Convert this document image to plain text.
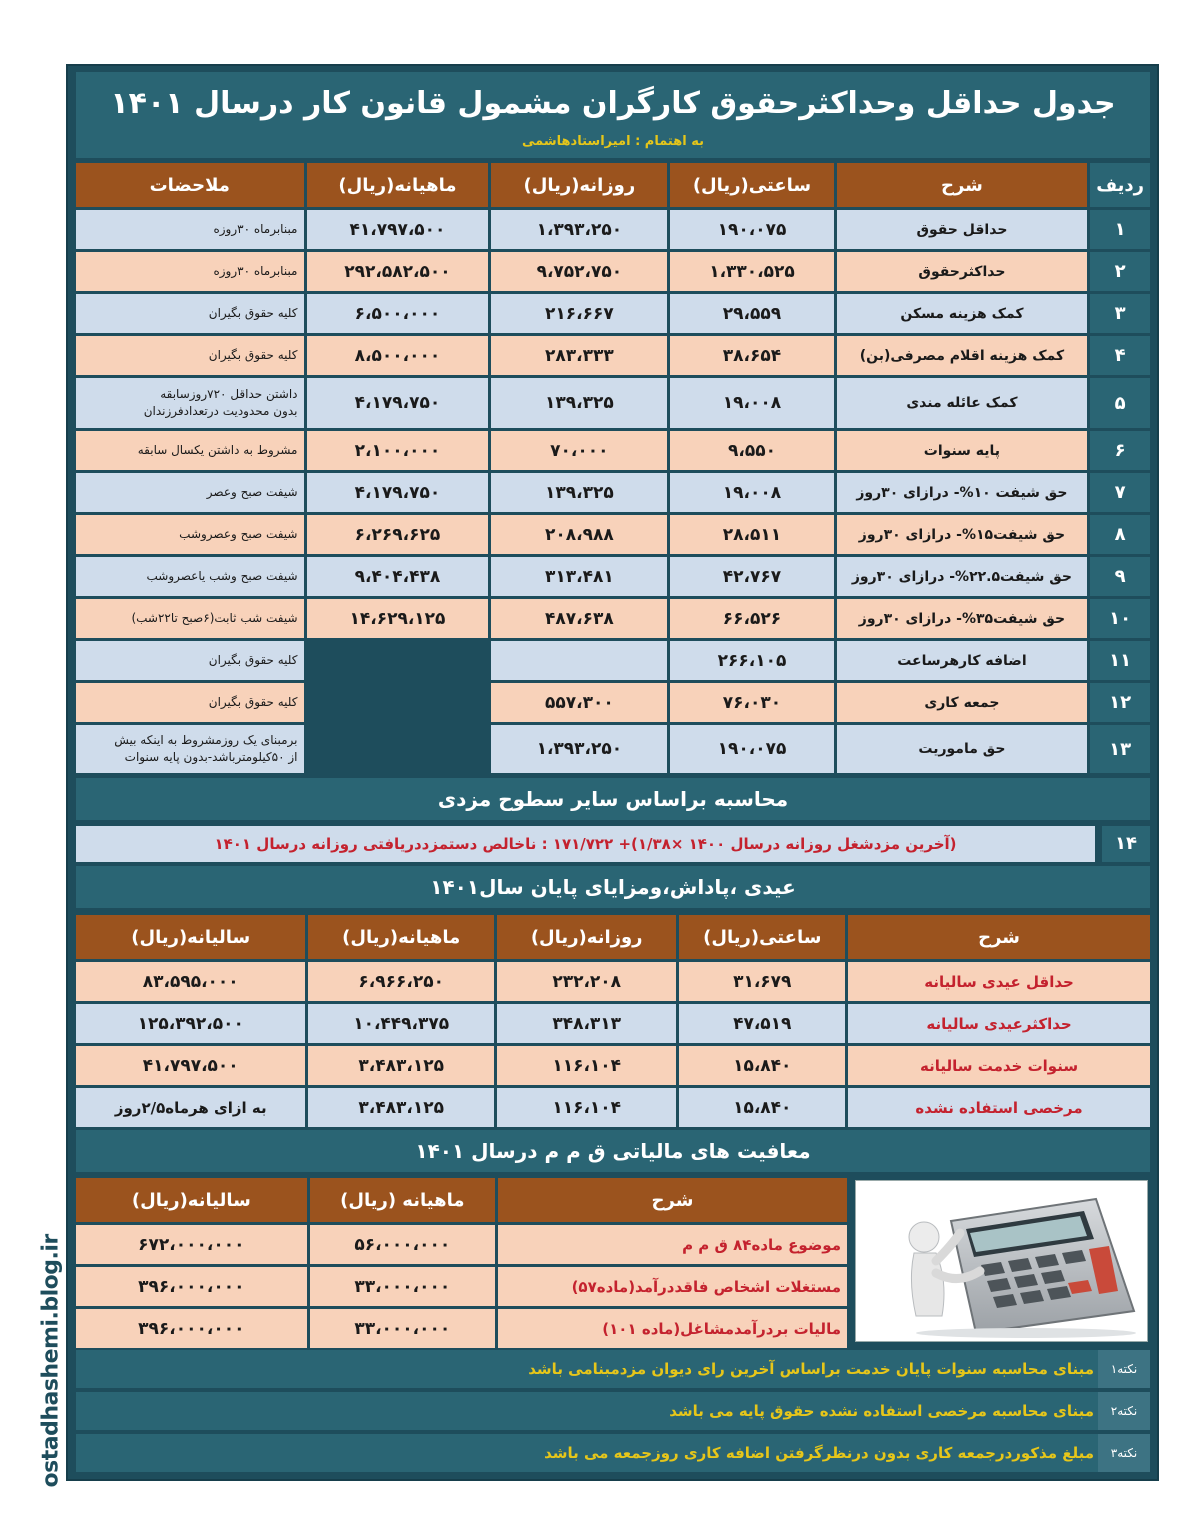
ostadhashemi.blog.ir
جدول حداقل وحداکثرحقوق کارگران مشمول قانون کار درسال ۱۴۰۱
به اهتمام : امیراستادهاشمی
ردیف	شرح	ساعتی(ریال)	روزانه(ریال)	ماهیانه(ریال)	ملاحضات
۱	حداقل حقوق	۱۹۰،۰۷۵	۱،۳۹۳،۲۵۰	۴۱،۷۹۷،۵۰۰	مبنابرماه ۳۰روزه
۲	حداکثرحقوق	۱،۳۳۰،۵۲۵	۹،۷۵۲،۷۵۰	۲۹۲،۵۸۲،۵۰۰	مبنابرماه ۳۰روزه
۳	کمک هزینه مسکن	۲۹،۵۵۹	۲۱۶،۶۶۷	۶،۵۰۰،۰۰۰	کلیه حقوق بگیران
۴	کمک هزینه اقلام مصرفی(بن)	۳۸،۶۵۴	۲۸۳،۳۳۳	۸،۵۰۰،۰۰۰	کلیه حقوق بگیران
۵	کمک عائله مندی	۱۹،۰۰۸	۱۳۹،۳۲۵	۴،۱۷۹،۷۵۰	داشتن حداقل ۷۲۰روزسابقه
بدون محدودیت درتعدادفرزندان

۶	پایه سنوات	۹،۵۵۰	۷۰،۰۰۰	۲،۱۰۰،۰۰۰	مشروط به داشتن یکسال سابقه
۷	حق شیفت ۱۰%- درازای ۳۰روز	۱۹،۰۰۸	۱۳۹،۳۲۵	۴،۱۷۹،۷۵۰	شیفت صبح وعصر
۸	حق شیفت۱۵%- درازای ۳۰روز	۲۸،۵۱۱	۲۰۸،۹۸۸	۶،۲۶۹،۶۲۵	شیفت صبح وعصروشب
۹	حق شیفت۲۲.۵%- درازای ۳۰روز	۴۲،۷۶۷	۳۱۳،۴۸۱	۹،۴۰۴،۴۳۸	شیفت صبح وشب یاعصروشب
۱۰	حق شیفت۳۵%- درازای ۳۰روز	۶۶،۵۲۶	۴۸۷،۶۳۸	۱۴،۶۲۹،۱۲۵	شیفت شب ثابت(۶صبح تا۲۲شب)
۱۱	اضافه کارهرساعت	۲۶۶،۱۰۵			کلیه حقوق بگیران
۱۲	جمعه کاری	۷۶،۰۳۰	۵۵۷،۳۰۰		کلیه حقوق بگیران
۱۳	حق ماموریت	۱۹۰،۰۷۵	۱،۳۹۳،۲۵۰		برمبنای یک روزمشروط به اینکه بیش
از ۵۰کیلومترباشد-بدون پایه سنوات
محاسبه براساس سایر سطوح مزدی
(آخرین مزدشغل روزانه درسال ۱۴۰۰ ×۱/۳۸)+ ۱۷۱/۷۲۲ : ناخالص دستمزددریافتی روزانه درسال ۱۴۰۱	۱۴
عیدی ،پاداش،ومزایای پایان سال۱۴۰۱
شرح	ساعتی(ریال)	روزانه(ریال)	ماهیانه(ریال)	سالیانه(ریال)
حداقل عیدی سالیانه	۳۱،۶۷۹	۲۳۲،۲۰۸	۶،۹۶۶،۲۵۰	۸۳،۵۹۵،۰۰۰
حداکثرعیدی سالیانه	۴۷،۵۱۹	۳۴۸،۳۱۳	۱۰،۴۴۹،۳۷۵	۱۲۵،۳۹۲،۵۰۰
سنوات خدمت سالیانه	۱۵،۸۴۰	۱۱۶،۱۰۴	۳،۴۸۳،۱۲۵	۴۱،۷۹۷،۵۰۰
مرخصی استفاده نشده	۱۵،۸۴۰	۱۱۶،۱۰۴	۳،۴۸۳،۱۲۵	به ازای هرماه۲/۵روز
معافیت های مالیاتی ق م م درسال ۱۴۰۱
شرح	ماهیانه (ریال)	سالیانه(ریال)
موضوع ماده۸۴ ق م م	۵۶،۰۰۰،۰۰۰	۶۷۲،۰۰۰،۰۰۰
مستغلات اشخاص فاقددرآمد(ماده۵۷)	۳۳،۰۰۰،۰۰۰	۳۹۶،۰۰۰،۰۰۰
مالیات بردرآمدمشاغل(ماده ۱۰۱)	۳۳،۰۰۰،۰۰۰	۳۹۶،۰۰۰،۰۰۰
نکته۱
مبنای محاسبه سنوات پایان خدمت براساس آخرین رای دیوان مزدمبنامی باشد
نکته۲
مبنای محاسبه مرخصی استفاده نشده حقوق پایه می باشد
نکته۳
مبلغ مذکوردرجمعه کاری بدون درنظرگرفتن اضافه کاری روزجمعه می باشد
